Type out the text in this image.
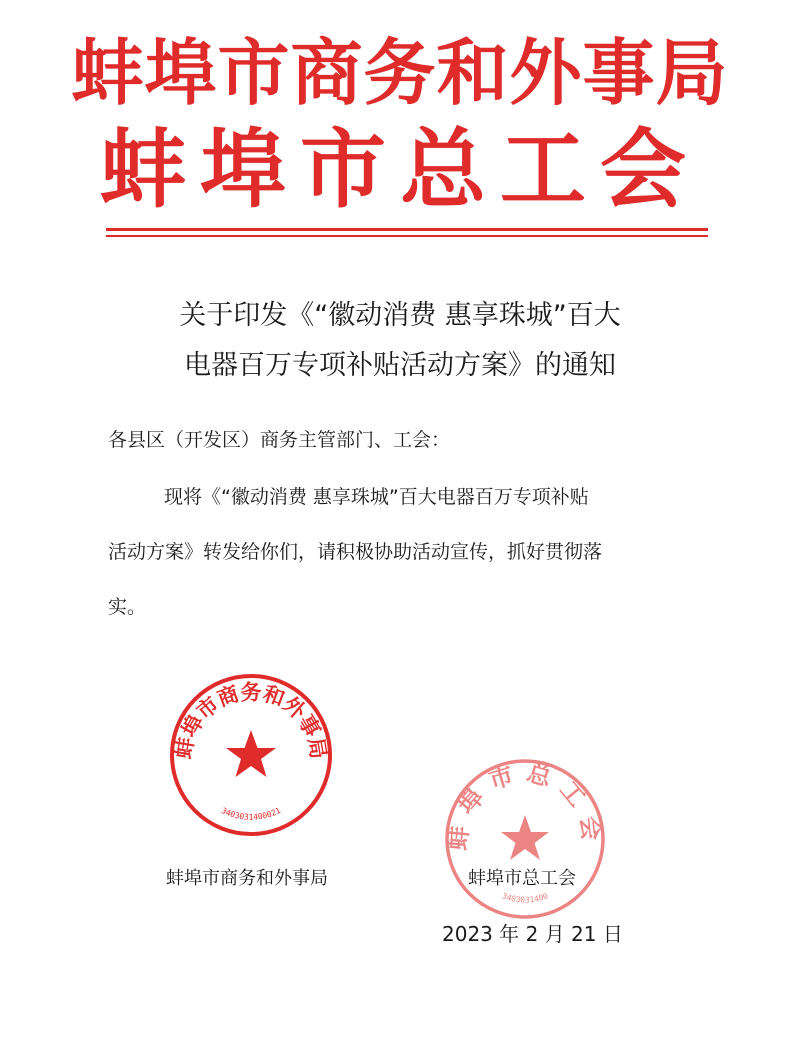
蚌埠市商务和外事局
蚌埠市总工会
关于印发《“徽动消费 惠享珠城”百大
电器百万专项补贴活动方案》的通知
各县区（开发区）商务主管部门、工会：
现将《“徽动消费 惠享珠城”百大电器百万专项补贴
活动方案》转发给你们，请积极协助活动宣传，抓好贯彻落
实。
蚌埠市商务和外事局
3403031400021
蚌埠市总工会
3403031400
蚌埠市商务和外事局	蚌埠市总工会
2023 年 2 月 21 日
